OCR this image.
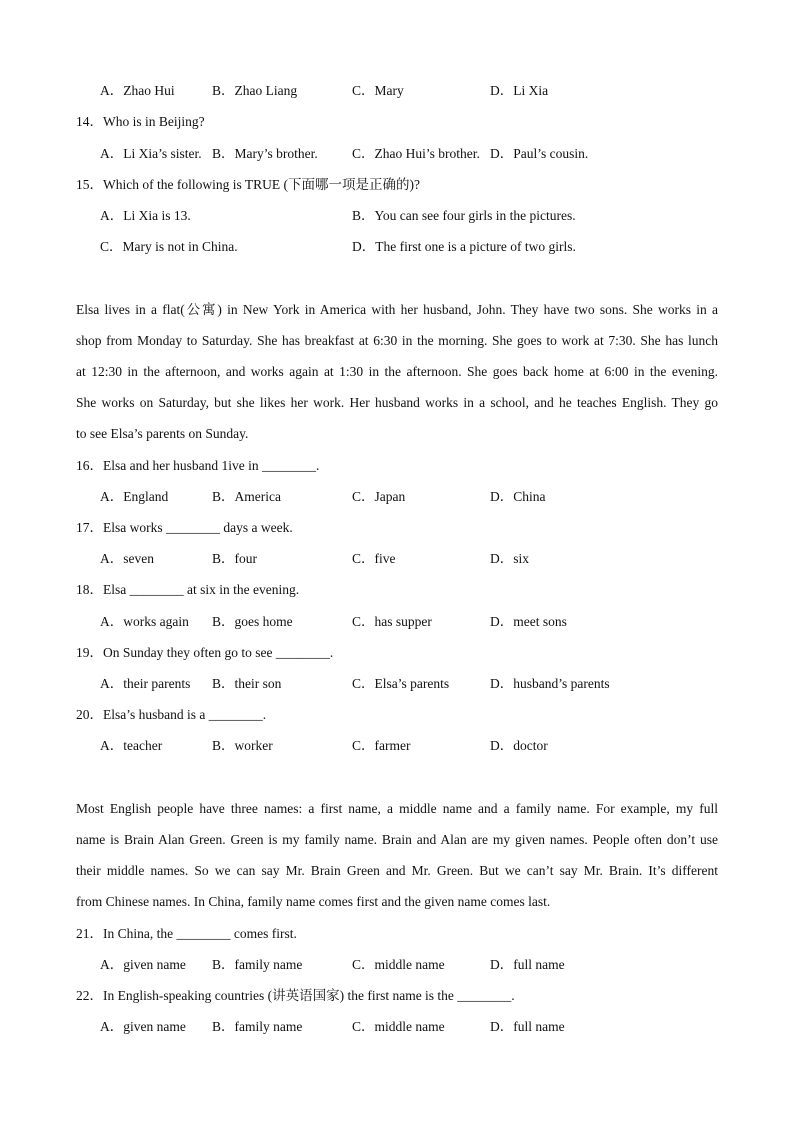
A．Zhao Hui	B．Zhao Liang	C．Mary	D．Li Xia
14．Who is in Beijing?
A．Li Xia’s sister. B．Mary’s brother.	C．Zhao Hui’s brother. D．Paul’s cousin.
15．Which of the following is TRUE (下面哪一项是正确的)?
A．Li Xia is 13.	B．You can see four girls in the pictures.
C．Mary is not in China.	D．The first one is a picture of two girls.
Elsa lives in a flat(公寓) in New York in America with her husband, John. They have two sons. She works in a
shop from Monday to Saturday. She has breakfast at 6:30 in the morning. She goes to work at 7:30. She has lunch
at 12:30 in the afternoon, and works again at 1:30 in the afternoon. She goes back home at 6:00 in the evening.
She works on Saturday, but she likes her work. Her husband works in a school, and he teaches English. They go
to see Elsa’s parents on Sunday.
16．Elsa and her husband 1ive in ________.
A．England	B．America	C．Japan	D．China
17．Elsa works ________ days a week.
A．seven	B．four	C．five	D．six
18．Elsa ________ at six in the evening.
A．works again B．goes home	C．has supper	D．meet sons
19．On Sunday they often go to see ________.
A．their parents B．their son	C．Elsa’s parents	D．husband’s parents
20．Elsa’s husband is a ________.
A．teacher	B．worker	C．farmer	D．doctor
Most English people have three names: a first name, a middle name and a family name. For example, my full
name is Brain Alan Green. Green is my family name. Brain and Alan are my given names. People often don’t use
their middle names. So we can say Mr. Brain Green and Mr. Green. But we can’t say Mr. Brain. It’s different
from Chinese names. In China, family name comes first and the given name comes last.
21．In China, the ________ comes first.
A．given name B．family name	C．middle name	D．full name
22．In English-speaking countries (讲英语国家) the first name is the ________.
A．given name B．family name	C．middle name	D．full name
